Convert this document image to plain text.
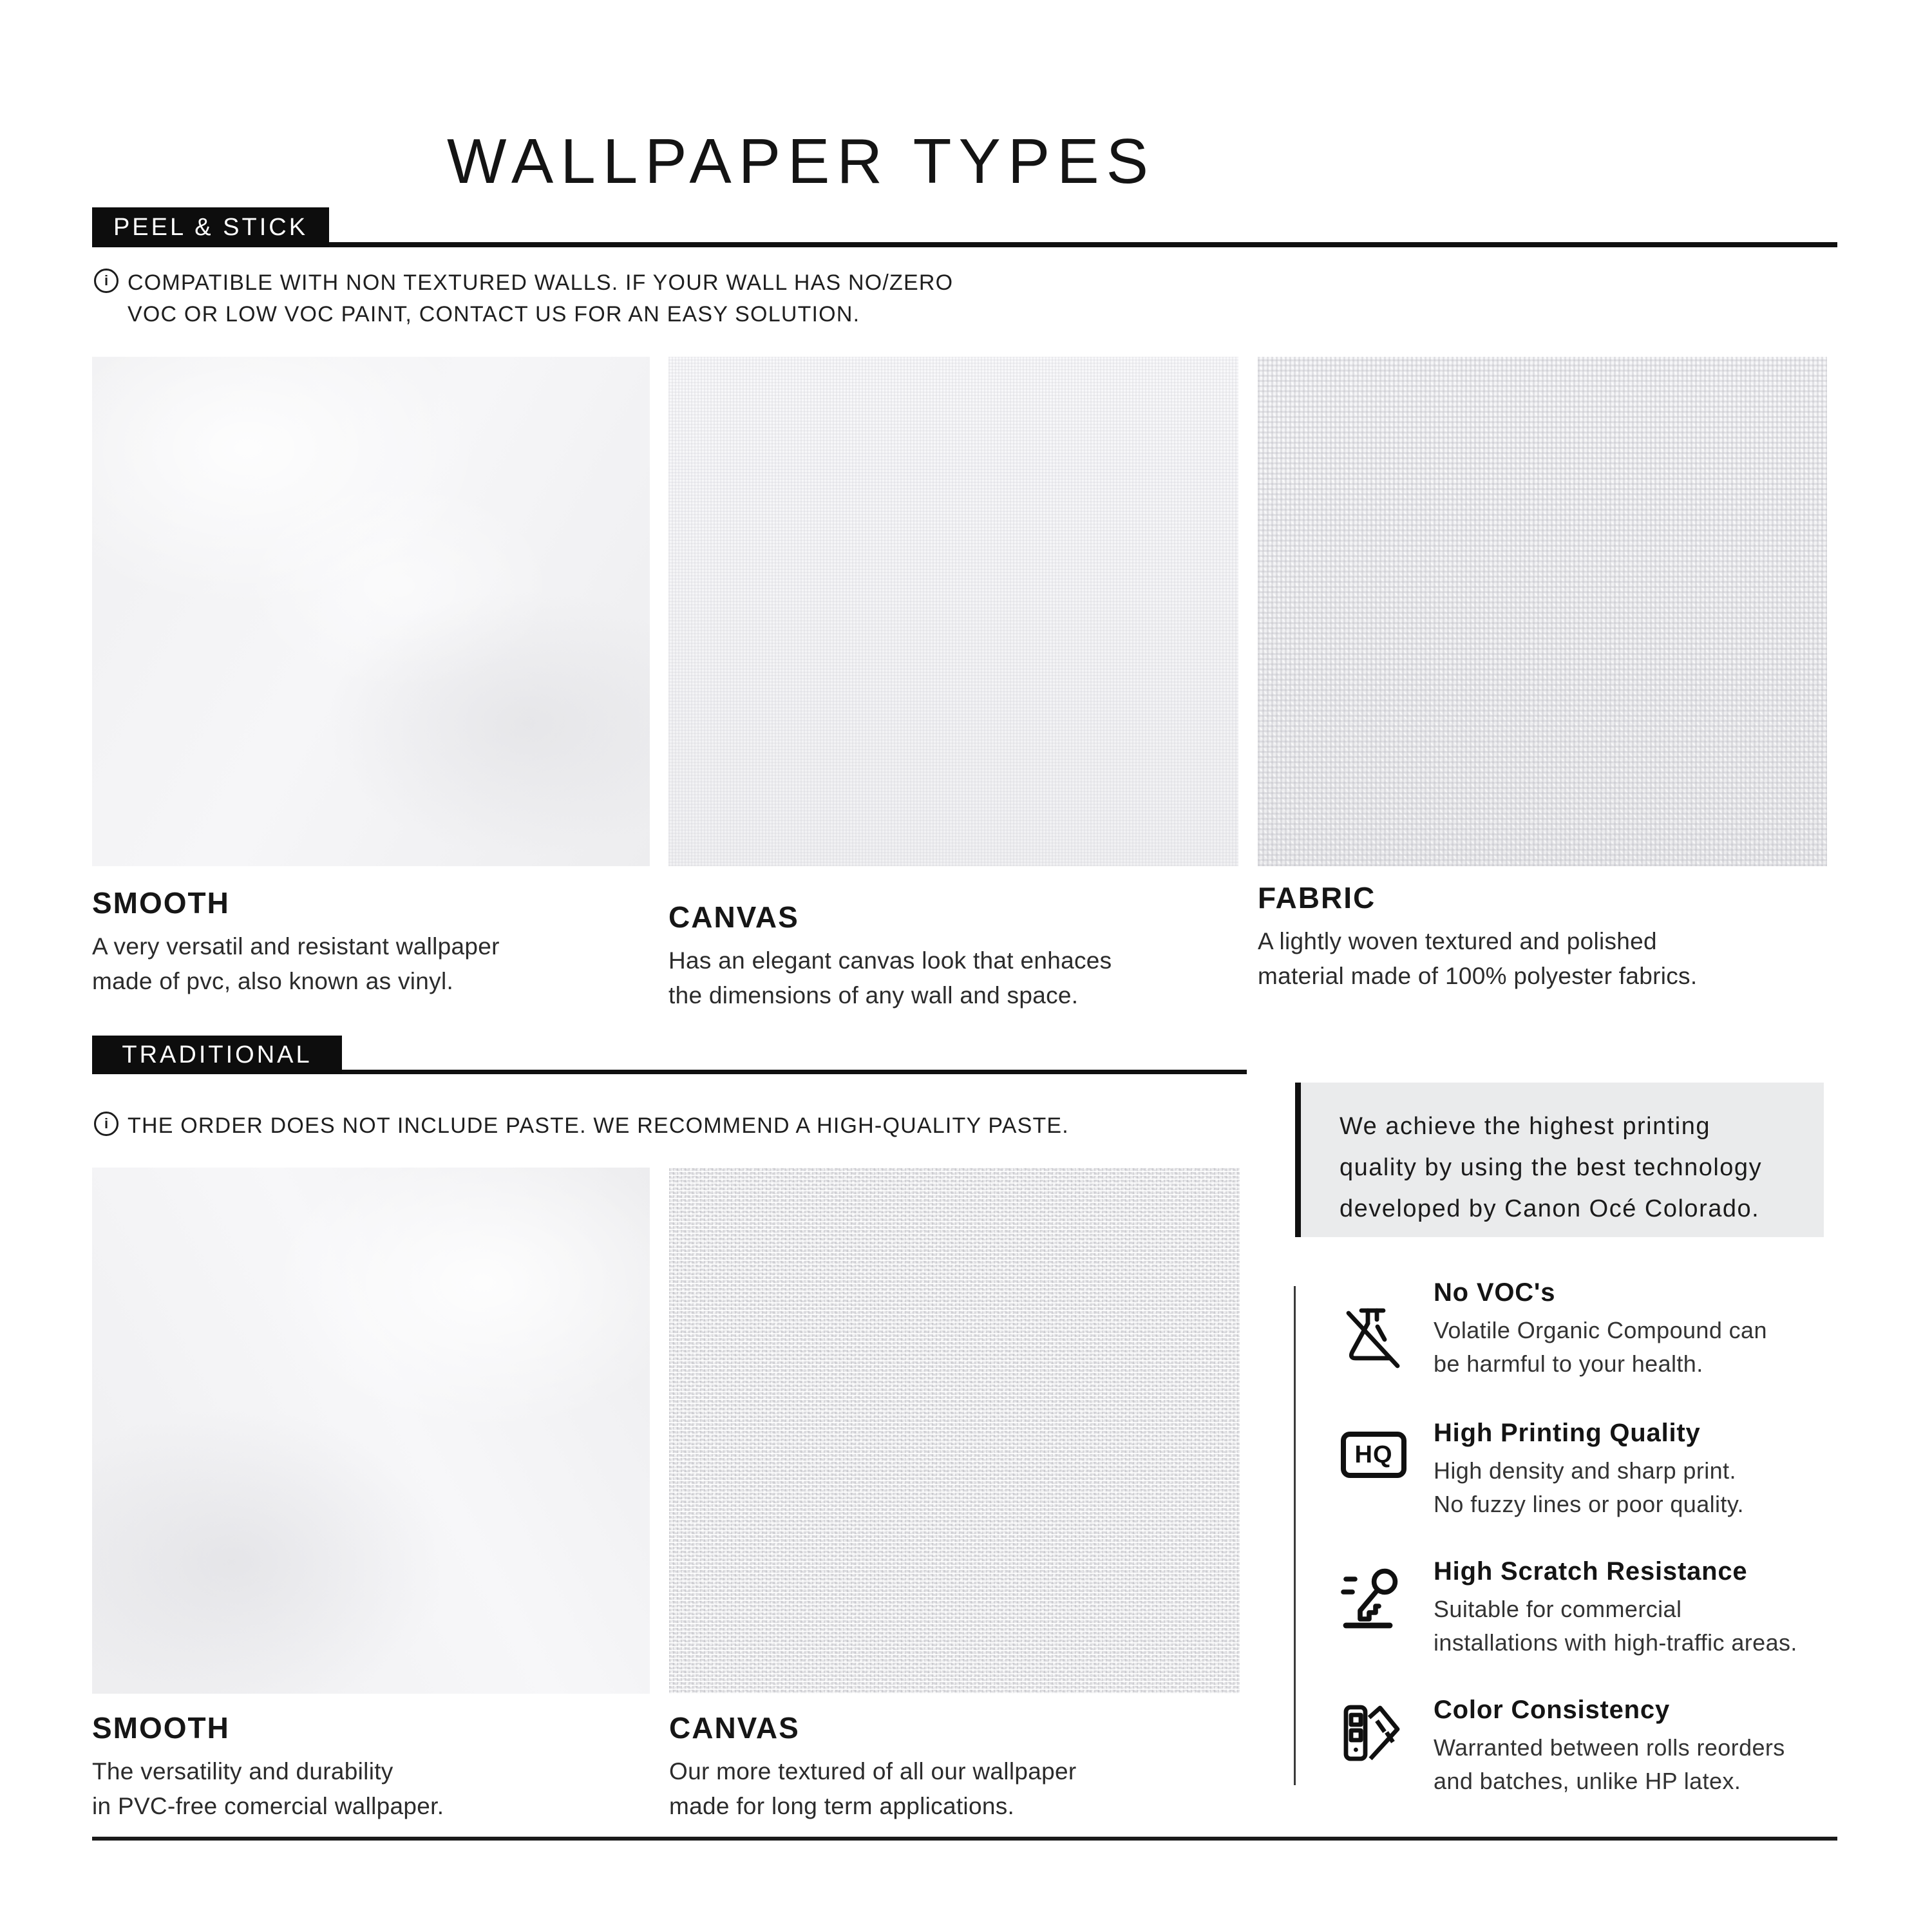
WALLPAPER TYPES
PEEL & STICK
i COMPATIBLE WITH NON TEXTURED WALLS. IF YOUR WALL HAS NO/ZERO
VOC OR LOW VOC PAINT, CONTACT US FOR AN EASY SOLUTION.
SMOOTH

A very versatil and resistant wallpaper
made of pvc, also known as vinyl.

CANVAS

Has an elegant canvas look that enhaces
the dimensions of any wall and space.

FABRIC

A lightly woven textured and polished
material made of 100% polyester fabrics.

TRADITIONAL
i THE ORDER DOES NOT INCLUDE PASTE. WE RECOMMEND A HIGH-QUALITY PASTE.
SMOOTH

The versatility and durability
in PVC-free comercial wallpaper.

CANVAS

Our more textured of all our wallpaper
made for long term applications.

We achieve the highest printing
quality by using the best technology
developed by Canon Océ Colorado.
No VOC's

Volatile Organic Compound can
be harmful to your health.

HQ
High Printing Quality

High density and sharp print.
No fuzzy lines or poor quality.

High Scratch Resistance

Suitable for commercial
installations with high-traffic areas.

Color Consistency

Warranted between rolls reorders
and batches, unlike HP latex.
